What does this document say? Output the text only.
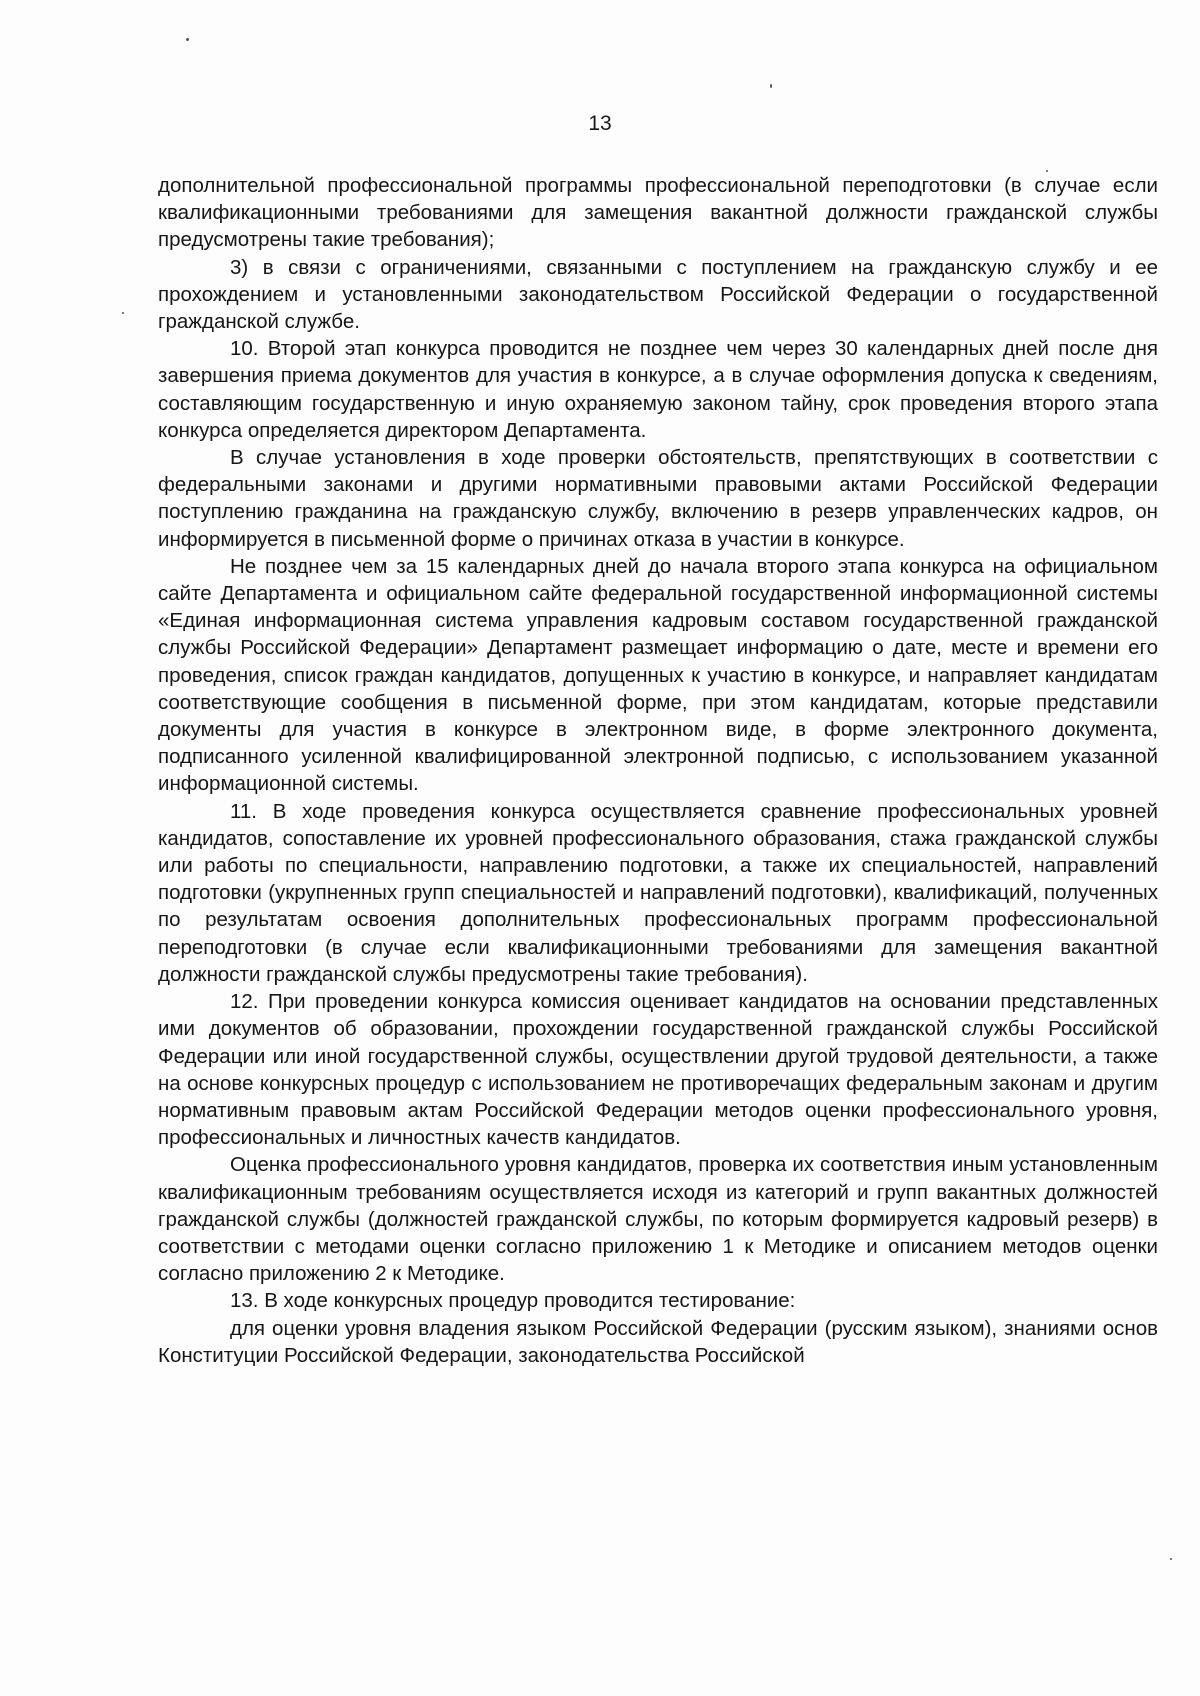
13

дополнительной профессиональной программы профессиональной переподготовки (в случае если квалификационными требованиями для замещения вакантной должности гражданской службы предусмотрены такие требования);

3) в связи с ограничениями, связанными с поступлением на гражданскую службу и ее прохождением и установленными законодательством Российской Федерации о государственной гражданской службе.

10. Второй этап конкурса проводится не позднее чем через 30 календарных дней после дня завершения приема документов для участия в конкурсе, а в случае оформления допуска к сведениям, составляющим государственную и иную охраняемую законом тайну, срок проведения второго этапа конкурса определяется директором Департамента.

В случае установления в ходе проверки обстоятельств, препятствующих в соответствии с федеральными законами и другими нормативными правовыми актами Российской Федерации поступлению гражданина на гражданскую службу, включению в резерв управленческих кадров, он информируется в письменной форме о причинах отказа в участии в конкурсе.

Не позднее чем за 15 календарных дней до начала второго этапа конкурса на официальном сайте Департамента и официальном сайте федеральной государственной информационной системы «Единая информационная система управления кадровым составом государственной гражданской службы Российской Федерации» Департамент размещает информацию о дате, месте и времени его проведения, список граждан кандидатов, допущенных к участию в конкурсе, и направляет кандидатам соответствующие сообщения в письменной форме, при этом кандидатам, которые представили документы для участия в конкурсе в электронном виде, в форме электронного документа, подписанного усиленной квалифицированной электронной подписью, с использованием указанной информационной системы.

11. В ходе проведения конкурса осуществляется сравнение профессиональных уровней кандидатов, сопоставление их уровней профессионального образования, стажа гражданской службы или работы по специальности, направлению подготовки, а также их специальностей, направлений подготовки (укрупненных групп специальностей и направлений подготовки), квалификаций, полученных по результатам освоения дополнительных профессиональных программ профессиональной переподготовки (в случае если квалификационными требованиями для замещения вакантной должности гражданской службы предусмотрены такие требования).

12. При проведении конкурса комиссия оценивает кандидатов на основании представленных ими документов об образовании, прохождении государственной гражданской службы Российской Федерации или иной государственной службы, осуществлении другой трудовой деятельности, а также на основе конкурсных процедур с использованием не противоречащих федеральным законам и другим нормативным правовым актам Российской Федерации методов оценки профессионального уровня, профессиональных и личностных качеств кандидатов.

Оценка профессионального уровня кандидатов, проверка их соответствия иным установленным квалификационным требованиям осуществляется исходя из категорий и групп вакантных должностей гражданской службы (должностей гражданской службы, по которым формируется кадровый резерв) в соответствии с методами оценки согласно приложению 1 к Методике и описанием методов оценки согласно приложению 2 к Методике.

13. В ходе конкурсных процедур проводится тестирование:

для оценки уровня владения языком Российской Федерации (русским языком), знаниями основ Конституции Российской Федерации, законодательства Российской
